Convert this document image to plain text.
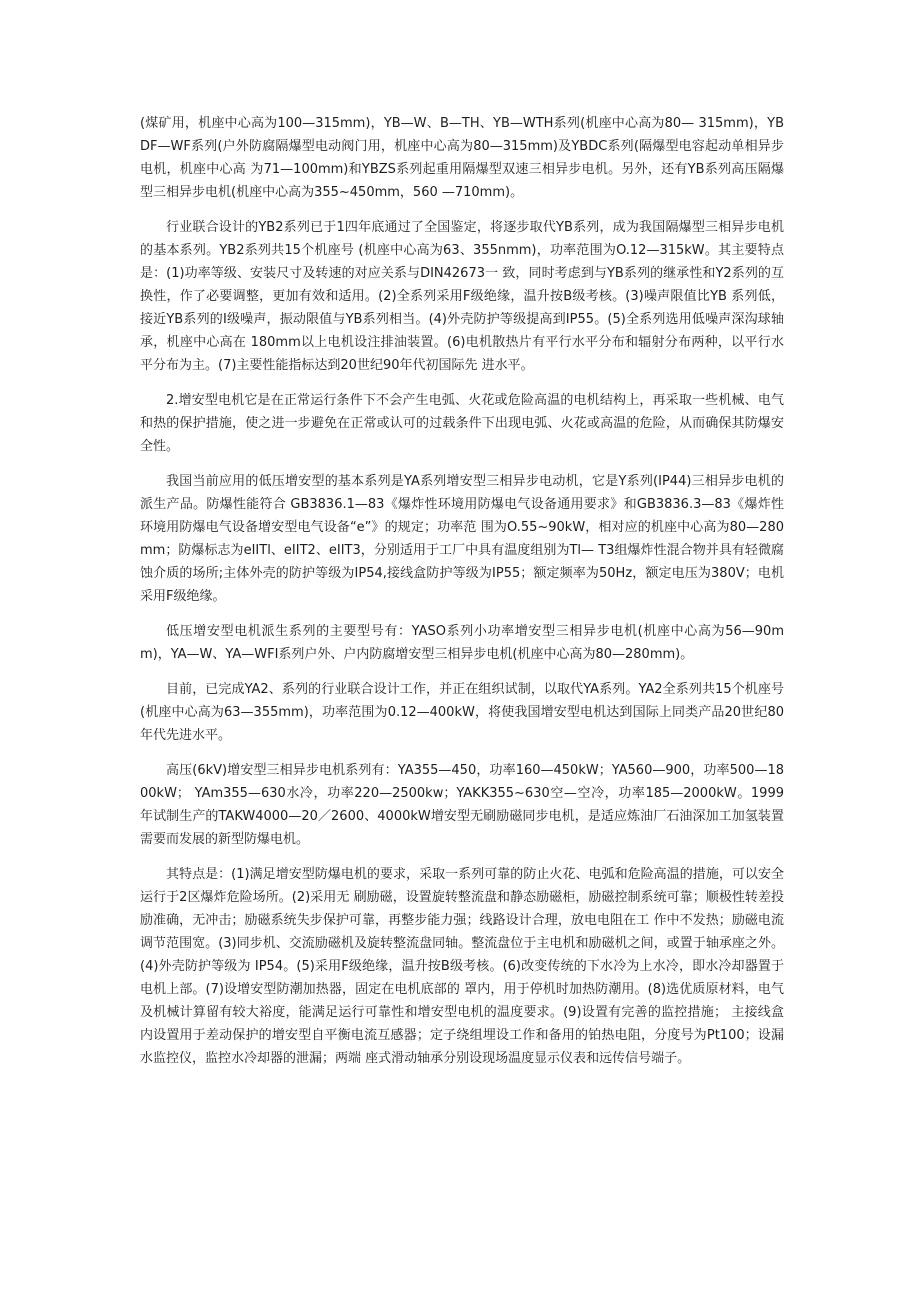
(煤矿用，机座中心高为100—315mm)，YB—W、B—TH、YB—WTH系列(机座中心高为80— 315mm)，YBDF—WF系列(户外防腐隔爆型电动阀门用，机座中心高为80—315mm)及YBDC系列(隔爆型电容起动单相异步电机，机座中心高 为71—100mm)和YBZS系列起重用隔爆型双速三相异步电机。另外，还有YB系列高压隔爆型三相异步电机(机座中心高为355~450mm，560 —710mm)。

行业联合设计的YB2系列已于1四年底通过了全国鉴定，将逐步取代YB系列，成为我国隔爆型三相异步电机的基本系列。YB2系列共15个机座号 (机座中心高为63、355nmm)，功率范围为O.12—315kW。其主要特点是：(1)功率等级、安装尺寸及转速的对应关系与DIN42673一 致，同时考虑到与YB系列的继承性和Y2系列的互换性，作了必要调整，更加有效和适用。(2)全系列采用F级绝缘，温升按B级考核。(3)噪声限值比YB 系列低，接近YB系列的I级噪声，振动限值与YB系列相当。(4)外壳防护等级提高到IP55。(5)全系列选用低噪声深沟球轴承，机座中心高在 180mm以上电机设注排油装置。(6)电机散热片有平行水平分布和辐射分布两种，以平行水平分布为主。(7)主要性能指标达到20世纪90年代初国际先 进水平。

2.增安型电机它是在正常运行条件下不会产生电弧、火花或危险高温的电机结构上，再采取一些机械、电气和热的保护措施，使之进一步避免在正常或认可的过载条件下出现电弧、火花或高温的危险，从而确保其防爆安全性。

我国当前应用的低压增安型的基本系列是YA系列增安型三相异步电动机，它是Y系列(IP44)三相异步电机的派生产品。防爆性能符合 GB3836.1—83《爆炸性环境用防爆电气设备通用要求》和GB3836.3—83《爆炸性环境用防爆电气设备增安型电气设备“e”》的规定；功率范 围为O.55~90kW，相对应的机座中心高为80—280mm；防爆标志为eIITl、eIIT2、eIIT3，分别适用于工厂中具有温度组别为Tl— T3组爆炸性混合物并具有轻微腐蚀介质的场所;主体外壳的防护等级为IP54,接线盒防护等级为IP55；额定频率为50Hz，额定电压为380V；电机 采用F级绝缘。

低压增安型电机派生系列的主要型号有：YASO系列小功率增安型三相异步电机(机座中心高为56—90mm)，YA—W、YA—WFI系列户外、户内防腐增安型三相异步电机(机座中心高为80—280mm)。

目前，已完成YA2、系列的行业联合设计工作，并正在组织试制，以取代YA系列。YA2全系列共15个机座号(机座中心高为63—355mm)，功率范围为0.12—400kW，将使我国增安型电机达到国际上同类产品20世纪80年代先进水平。

高压(6kV)增安型三相异步电机系列有：YA355—450，功率160—450kW；YA560—900，功率500—1800kW； YAm355—630水冷，功率220—2500kw；YAKK355~630空—空冷，功率185—2000kW。1999年试制生产的TAKW4000—20／2600、4000kW增安型无刷励磁同步电机，是适应炼油厂石油深加工加氢装置需要而发展的新型防爆电机。

其特点是：(1)满足增安型防爆电机的要求，采取一系列可靠的防止火花、电弧和危险高温的措施，可以安全运行于2区爆炸危险场所。(2)采用无 刷励磁，设置旋转整流盘和静态励磁柜，励磁控制系统可靠；顺极性转差投励准确，无冲击；励磁系统失步保护可靠，再整步能力强；线路设计合理，放电电阻在工 作中不发热；励磁电流调节范围宽。(3)同步机、交流励磁机及旋转整流盘同轴。整流盘位于主电机和励磁机之间，或置于轴承座之外。(4)外壳防护等级为 IP54。(5)采用F级绝缘，温升按B级考核。(6)改变传统的下水冷为上水冷，即水冷却器置于电机上部。(7)设增安型防潮加热器，固定在电机底部的 罩内，用于停机时加热防潮用。(8)选优质原材料，电气及机械计算留有较大裕度，能满足运行可靠性和增安型电机的温度要求。(9)设置有完善的监控措施； 主接线盒内设置用于差动保护的增安型自平衡电流互感器；定子绕组埋设工作和备用的铂热电阻，分度号为Pt100；设漏水监控仪，监控水冷却器的泄漏；两端 座式滑动轴承分别设现场温度显示仪表和远传信号端子。
